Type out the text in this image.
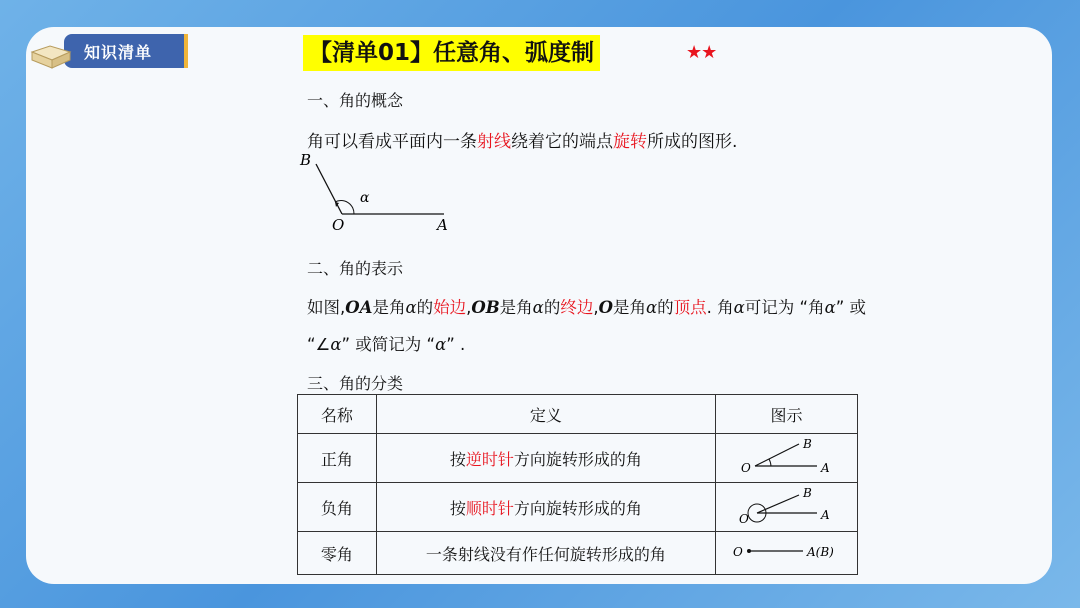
知识清单	【清单01】任意角、弧度制	★★
一、角的概念
角可以看成平面内一条射线绕着它的端点旋转所成的图形.
B
α
O	A
二、角的表示
如图,OA是角α的始边,OB是角α的终边,O是角α的顶点. 角α可记为 “角α” 或
“∠α” 或简记为 “α” .
三、角的分类
名称	定义	图示
正角	按逆时针方向旋转形成的角	O A
B

负角	按顺时针方向旋转形成的角	O A
B

零角	一条射线没有作任何旋转形成的角	O A(B)
